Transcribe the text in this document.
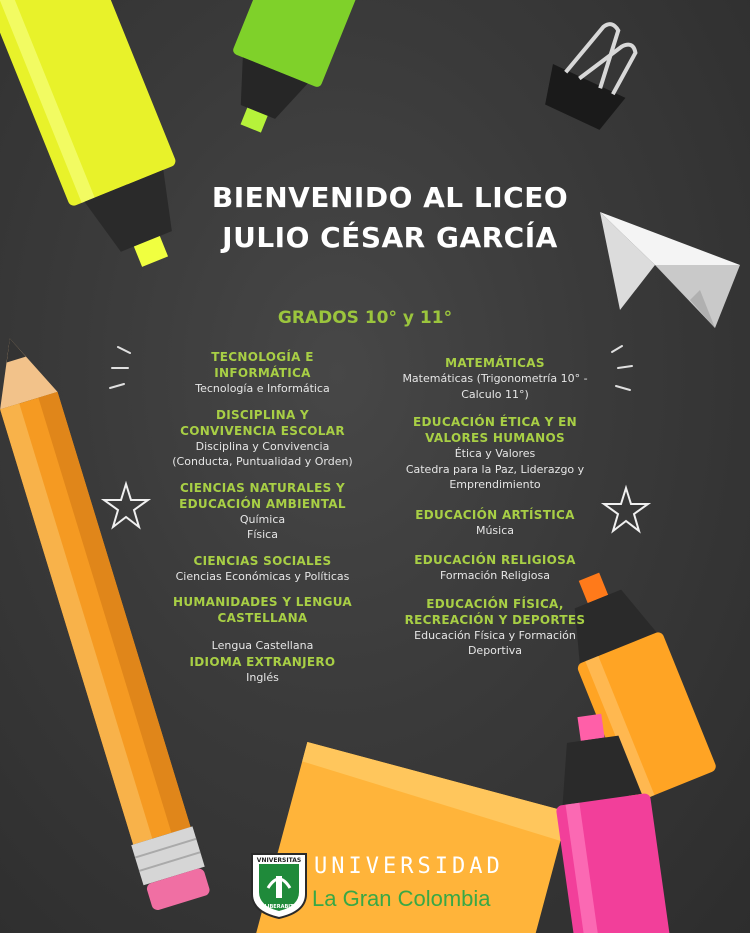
BIENVENIDO AL LICEO
JULIO CÉSAR GARCÍA
GRADOS 10° y 11°
TECNOLOGÍA E INFORMÁTICA
Tecnología e Informática
DISCIPLINA Y CONVIVENCIA ESCOLAR
Disciplina y Convivencia (Conducta, Puntualidad y Orden)
CIENCIAS NATURALES Y EDUCACIÓN AMBIENTAL
Química
Física
CIENCIAS SOCIALES
Ciencias Económicas y Políticas
HUMANIDADES Y LENGUA CASTELLANA
Lengua Castellana
IDIOMA EXTRANJERO
Inglés
MATEMÁTICAS
Matemáticas (Trigonometría 10° - Calculo 11°)
EDUCACIÓN ÉTICA Y EN VALORES HUMANOS
Ética y Valores
Catedra para la Paz, Liderazgo y Emprendimiento
EDUCACIÓN ARTÍSTICA
Música
EDUCACIÓN RELIGIOSA
Formación Religiosa
EDUCACIÓN FÍSICA, RECREACIÓN Y DEPORTES
Educación Física y Formación Deportiva
VNIVERSITAS
LIBERABIT
UNIVERSIDAD
La Gran Colombia
